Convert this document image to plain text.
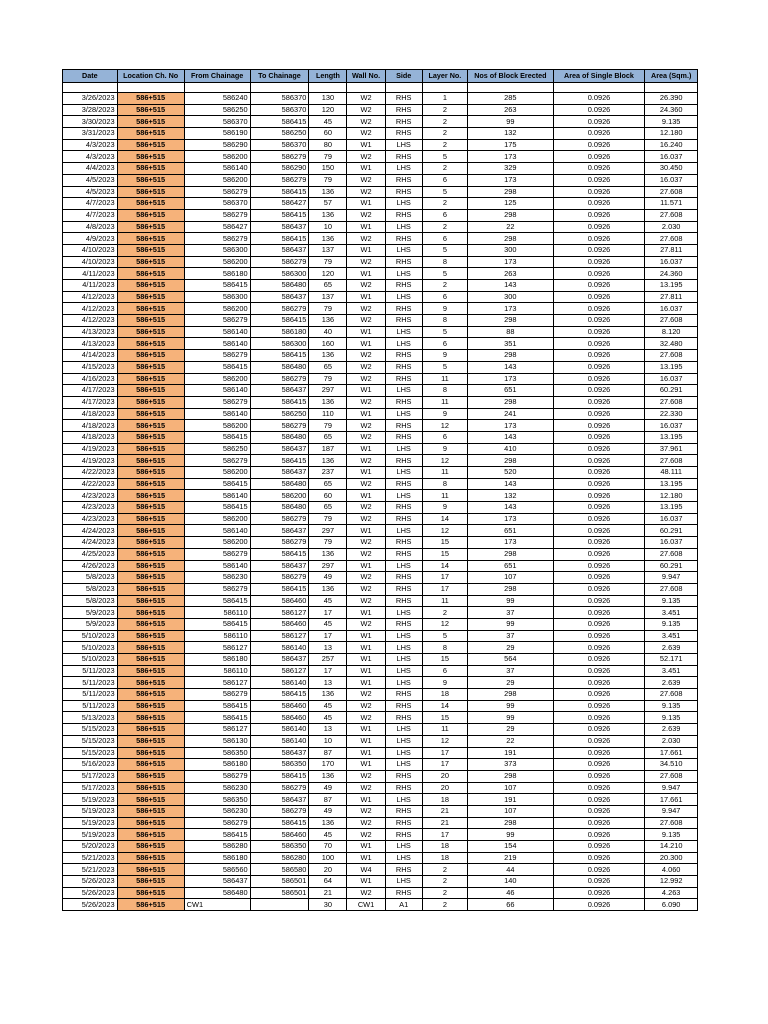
Date	Location Ch. No	From Chainage	To Chainage	Length	Wall No.	Side	Layer No.	Nos of Block Erected	Area of Single Block	Area (Sqm.)

3/26/2023	586+515	586240	586370	130	W2	RHS	1	285	0.0926	26.390
3/28/2023	586+515	586250	586370	120	W2	RHS	2	263	0.0926	24.360
3/30/2023	586+515	586370	586415	45	W2	RHS	2	99	0.0926	9.135
3/31/2023	586+515	586190	586250	60	W2	RHS	2	132	0.0926	12.180
4/3/2023	586+515	586290	586370	80	W1	LHS	2	175	0.0926	16.240
4/3/2023	586+515	586200	586279	79	W2	RHS	5	173	0.0926	16.037
4/4/2023	586+515	586140	586290	150	W1	LHS	2	329	0.0926	30.450
4/5/2023	586+515	586200	586279	79	W2	RHS	6	173	0.0926	16.037
4/5/2023	586+515	586279	586415	136	W2	RHS	5	298	0.0926	27.608
4/7/2023	586+515	586370	586427	57	W1	LHS	2	125	0.0926	11.571
4/7/2023	586+515	586279	586415	136	W2	RHS	6	298	0.0926	27.608
4/8/2023	586+515	586427	586437	10	W1	LHS	2	22	0.0926	2.030
4/9/2023	586+515	586279	586415	136	W2	RHS	6	298	0.0926	27.608
4/10/2023	586+515	586300	586437	137	W1	LHS	5	300	0.0926	27.811
4/10/2023	586+515	586200	586279	79	W2	RHS	8	173	0.0926	16.037
4/11/2023	586+515	586180	586300	120	W1	LHS	5	263	0.0926	24.360
4/11/2023	586+515	586415	586480	65	W2	RHS	2	143	0.0926	13.195
4/12/2023	586+515	586300	586437	137	W1	LHS	6	300	0.0926	27.811
4/12/2023	586+515	586200	586279	79	W2	RHS	9	173	0.0926	16.037
4/12/2023	586+515	586279	586415	136	W2	RHS	8	298	0.0926	27.608
4/13/2023	586+515	586140	586180	40	W1	LHS	5	88	0.0926	8.120
4/13/2023	586+515	586140	586300	160	W1	LHS	6	351	0.0926	32.480
4/14/2023	586+515	586279	586415	136	W2	RHS	9	298	0.0926	27.608
4/15/2023	586+515	586415	586480	65	W2	RHS	5	143	0.0926	13.195
4/16/2023	586+515	586200	586279	79	W2	RHS	11	173	0.0926	16.037
4/17/2023	586+515	586140	586437	297	W1	LHS	8	651	0.0926	60.291
4/17/2023	586+515	586279	586415	136	W2	RHS	11	298	0.0926	27.608
4/18/2023	586+515	586140	586250	110	W1	LHS	9	241	0.0926	22.330
4/18/2023	586+515	586200	586279	79	W2	RHS	12	173	0.0926	16.037
4/18/2023	586+515	586415	586480	65	W2	RHS	6	143	0.0926	13.195
4/19/2023	586+515	586250	586437	187	W1	LHS	9	410	0.0926	37.961
4/19/2023	586+515	586279	586415	136	W2	RHS	12	298	0.0926	27.608
4/22/2023	586+515	586200	586437	237	W1	LHS	11	520	0.0926	48.111
4/22/2023	586+515	586415	586480	65	W2	RHS	8	143	0.0926	13.195
4/23/2023	586+515	586140	586200	60	W1	LHS	11	132	0.0926	12.180
4/23/2023	586+515	586415	586480	65	W2	RHS	9	143	0.0926	13.195
4/23/2023	586+515	586200	586279	79	W2	RHS	14	173	0.0926	16.037
4/24/2023	586+515	586140	586437	297	W1	LHS	12	651	0.0926	60.291
4/24/2023	586+515	586200	586279	79	W2	RHS	15	173	0.0926	16.037
4/25/2023	586+515	586279	586415	136	W2	RHS	15	298	0.0926	27.608
4/26/2023	586+515	586140	586437	297	W1	LHS	14	651	0.0926	60.291
5/8/2023	586+515	586230	586279	49	W2	RHS	17	107	0.0926	9.947
5/8/2023	586+515	586279	586415	136	W2	RHS	17	298	0.0926	27.608
5/8/2023	586+515	586415	586460	45	W2	RHS	11	99	0.0926	9.135
5/9/2023	586+515	586110	586127	17	W1	LHS	2	37	0.0926	3.451
5/9/2023	586+515	586415	586460	45	W2	RHS	12	99	0.0926	9.135
5/10/2023	586+515	586110	586127	17	W1	LHS	5	37	0.0926	3.451
5/10/2023	586+515	586127	586140	13	W1	LHS	8	29	0.0926	2.639
5/10/2023	586+515	586180	586437	257	W1	LHS	15	564	0.0926	52.171
5/11/2023	586+515	586110	586127	17	W1	LHS	6	37	0.0926	3.451
5/11/2023	586+515	586127	586140	13	W1	LHS	9	29	0.0926	2.639
5/11/2023	586+515	586279	586415	136	W2	RHS	18	298	0.0926	27.608
5/11/2023	586+515	586415	586460	45	W2	RHS	14	99	0.0926	9.135
5/13/2023	586+515	586415	586460	45	W2	RHS	15	99	0.0926	9.135
5/15/2023	586+515	586127	586140	13	W1	LHS	11	29	0.0926	2.639
5/15/2023	586+515	586130	586140	10	W1	LHS	12	22	0.0926	2.030
5/15/2023	586+515	586350	586437	87	W1	LHS	17	191	0.0926	17.661
5/16/2023	586+515	586180	586350	170	W1	LHS	17	373	0.0926	34.510
5/17/2023	586+515	586279	586415	136	W2	RHS	20	298	0.0926	27.608
5/17/2023	586+515	586230	586279	49	W2	RHS	20	107	0.0926	9.947
5/19/2023	586+515	586350	586437	87	W1	LHS	18	191	0.0926	17.661
5/19/2023	586+515	586230	586279	49	W2	RHS	21	107	0.0926	9.947
5/19/2023	586+515	586279	586415	136	W2	RHS	21	298	0.0926	27.608
5/19/2023	586+515	586415	586460	45	W2	RHS	17	99	0.0926	9.135
5/20/2023	586+515	586280	586350	70	W1	LHS	18	154	0.0926	14.210
5/21/2023	586+515	586180	586280	100	W1	LHS	18	219	0.0926	20.300
5/21/2023	586+515	586560	586580	20	W4	RHS	2	44	0.0926	4.060
5/26/2023	586+515	586437	586501	64	W1	LHS	2	140	0.0926	12.992
5/26/2023	586+515	586480	586501	21	W2	RHS	2	46	0.0926	4.263
5/26/2023	586+515	CW1		30	CW1	A1	2	66	0.0926	6.090
